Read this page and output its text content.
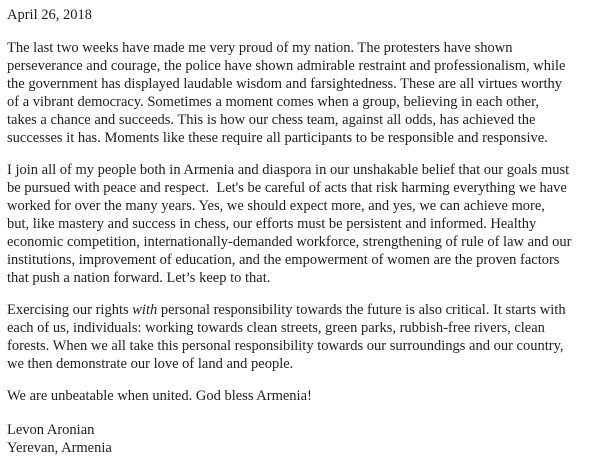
April 26, 2018
The last two weeks have made me very proud of my nation. The protesters have shown
perseverance and courage, the police have shown admirable restraint and professionalism, while
the government has displayed laudable wisdom and farsightedness. These are all virtues worthy
of a vibrant democracy. Sometimes a moment comes when a group, believing in each other,
takes a chance and succeeds. This is how our chess team, against all odds, has achieved the
successes it has. Moments like these require all participants to be responsible and responsive.
I join all of my people both in Armenia and diaspora in our unshakable belief that our goals must
be pursued with peace and respect.  Let's be careful of acts that risk harming everything we have
worked for over the many years. Yes, we should expect more, and yes, we can achieve more,
but, like mastery and success in chess, our efforts must be persistent and informed. Healthy
economic competition, internationally-demanded workforce, strengthening of rule of law and our
institutions, improvement of education, and the empowerment of women are the proven factors
that push a nation forward. Let’s keep to that.
Exercising our rights with personal responsibility towards the future is also critical. It starts with
each of us, individuals: working towards clean streets, green parks, rubbish-free rivers, clean
forests. When we all take this personal responsibility towards our surroundings and our country,
we then demonstrate our love of land and people.
We are unbeatable when united. God bless Armenia!
Levon Aronian
Yerevan, Armenia
